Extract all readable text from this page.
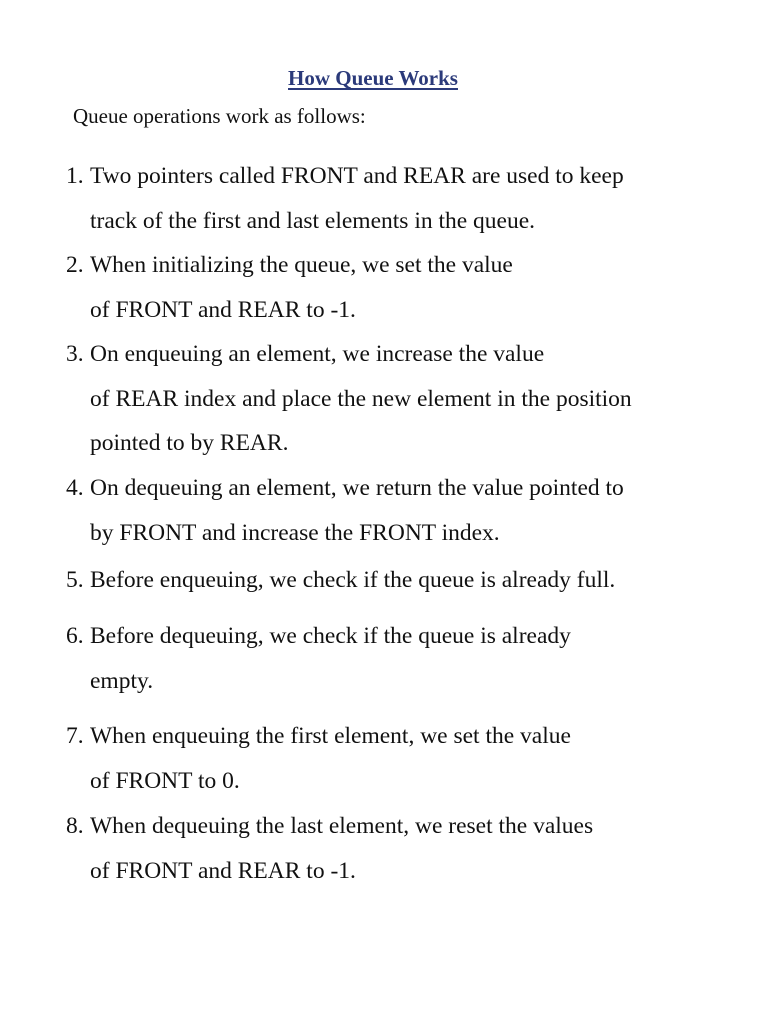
How Queue Works
Queue operations work as follows:
1. Two pointers called FRONT and REAR are used to keep
track of the first and last elements in the queue.
2. When initializing the queue, we set the value
of FRONT and REAR to -1.
3. On enqueuing an element, we increase the value
of REAR index and place the new element in the position
pointed to by REAR.
4. On dequeuing an element, we return the value pointed to
by FRONT and increase the FRONT index.
5. Before enqueuing, we check if the queue is already full.
6. Before dequeuing, we check if the queue is already
empty.
7. When enqueuing the first element, we set the value
of FRONT to 0.
8. When dequeuing the last element, we reset the values
of FRONT and REAR to -1.
